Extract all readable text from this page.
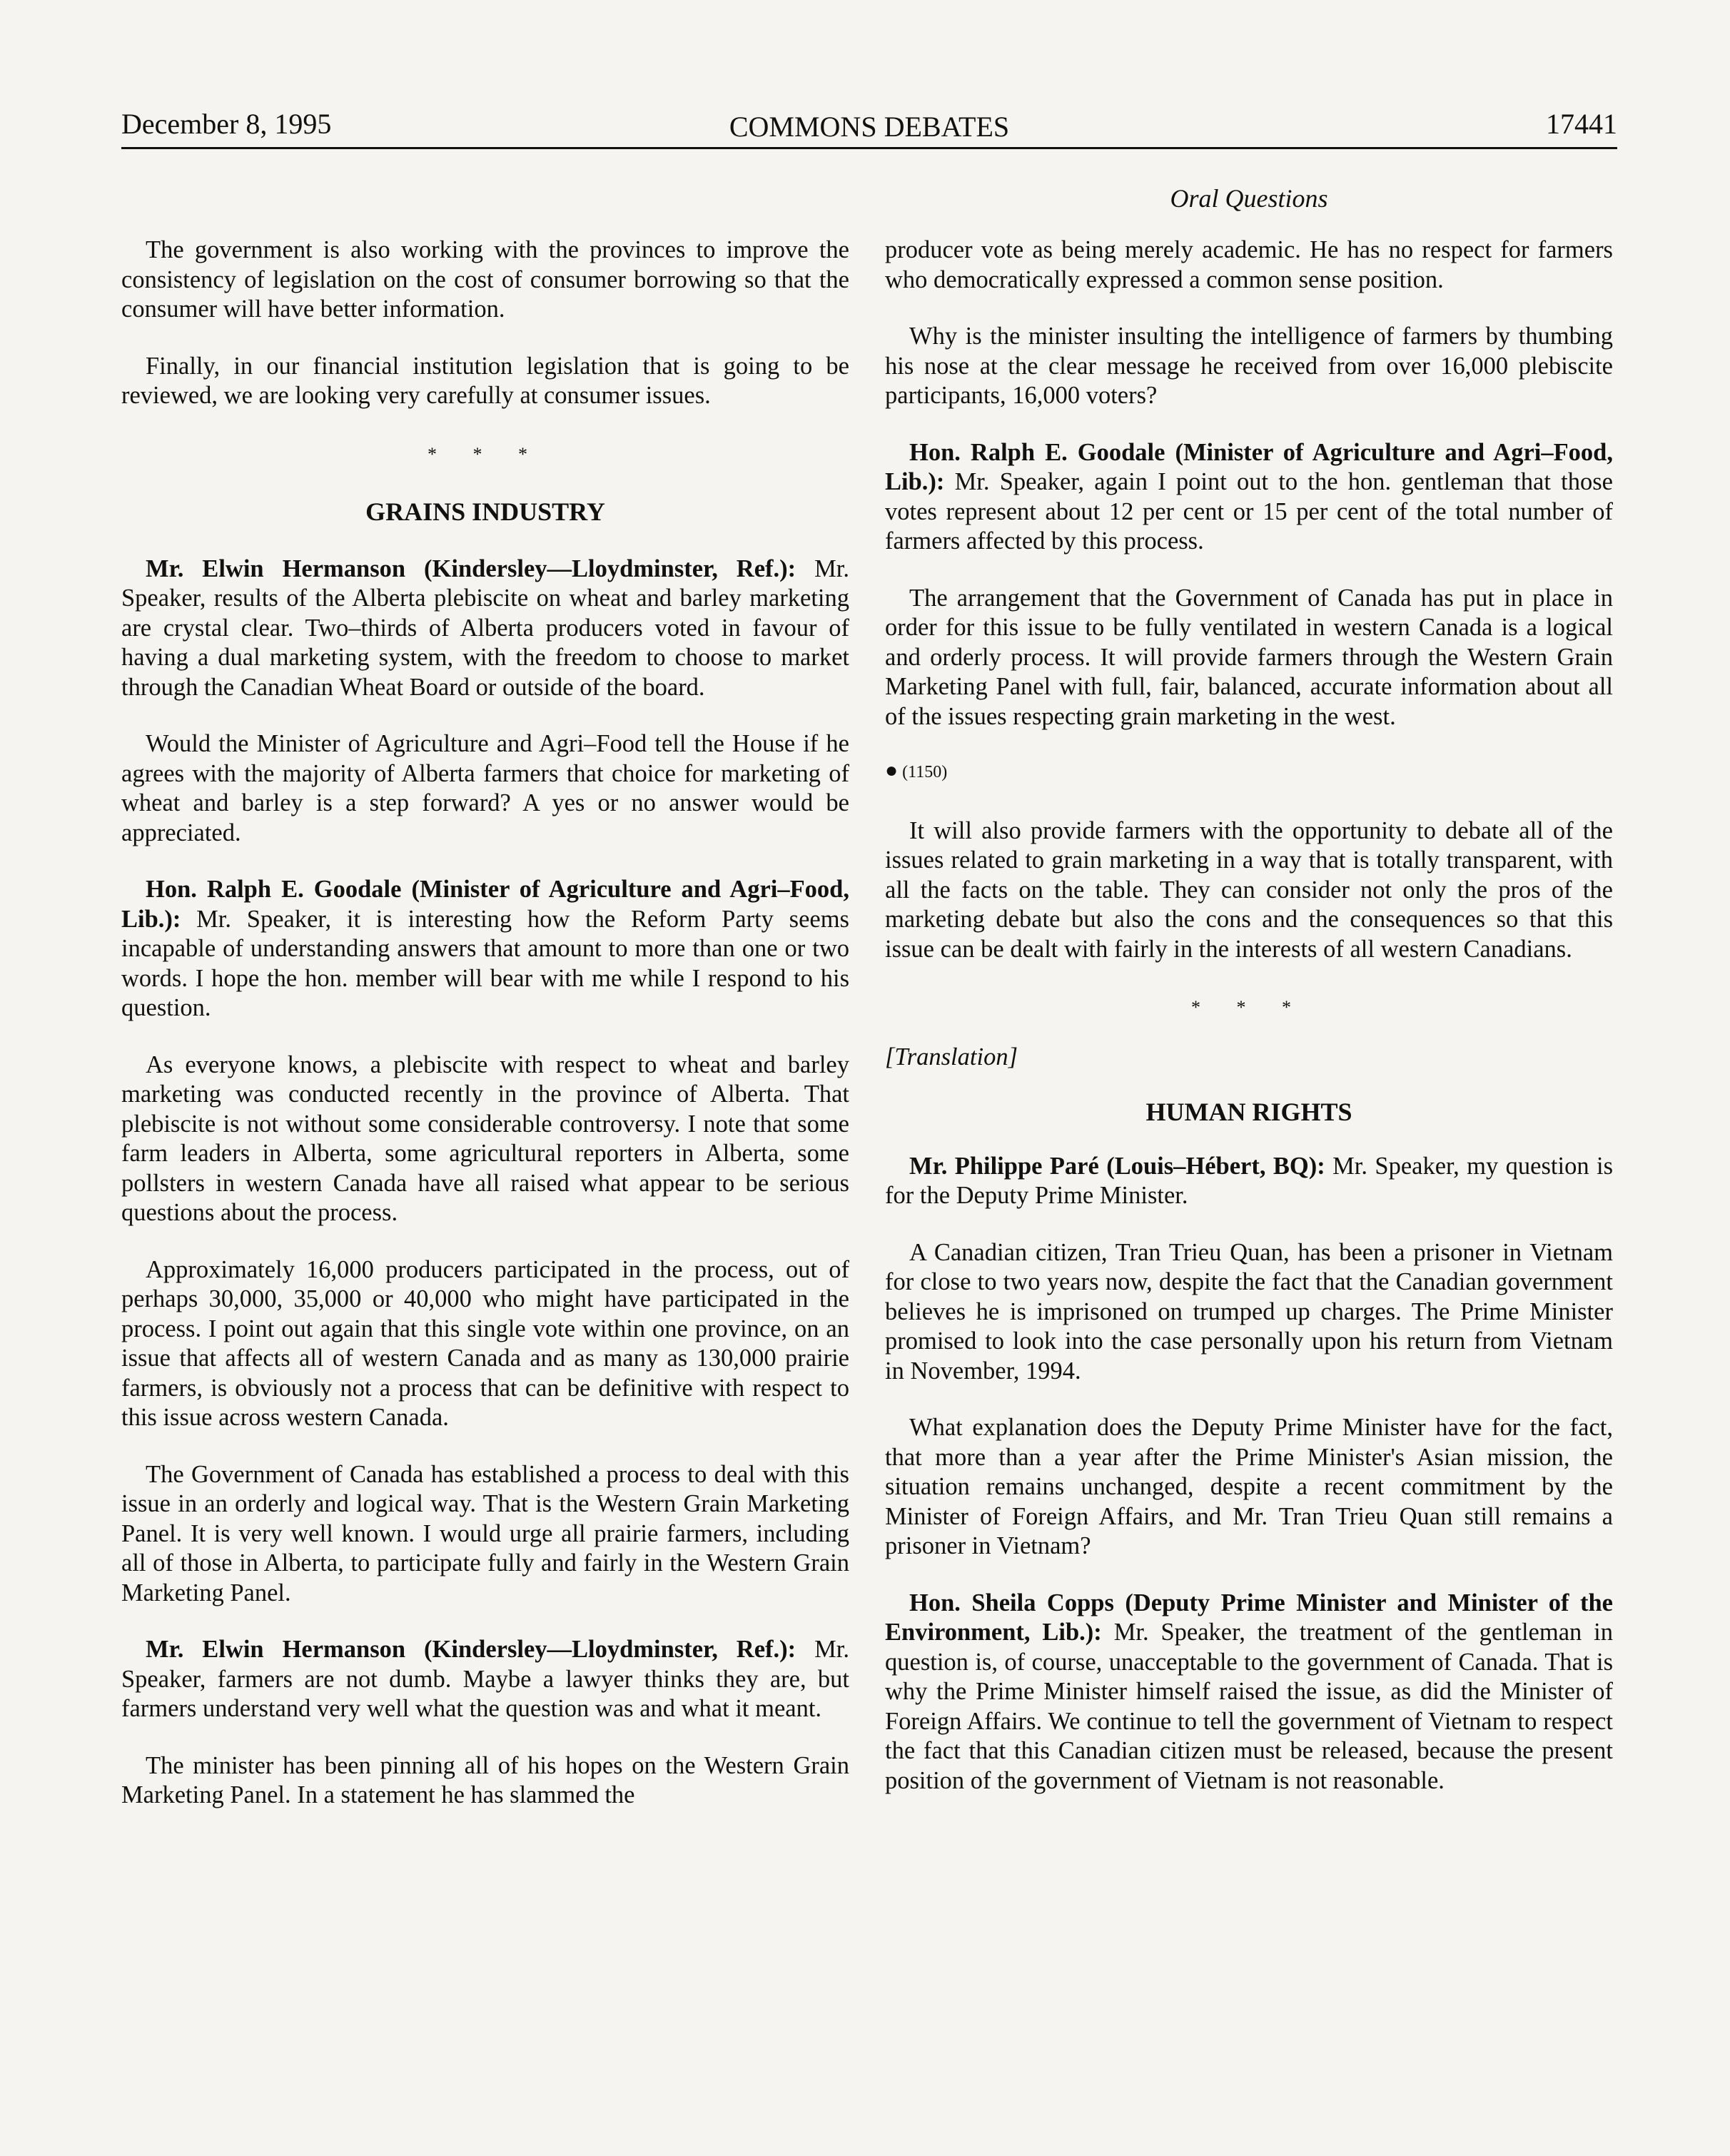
December 8, 1995	COMMONS DEBATES	17441

The government is also working with the provinces to improve the consistency of legislation on the cost of consumer borrowing so that the consumer will have better information.

Finally, in our financial institution legislation that is going to be reviewed, we are looking very carefully at consumer issues.

* * *

GRAINS INDUSTRY

Mr. Elwin Hermanson (Kindersley—Lloydminster, Ref.): Mr. Speaker, results of the Alberta plebiscite on wheat and barley marketing are crystal clear. Two–thirds of Alberta producers voted in favour of having a dual marketing system, with the freedom to choose to market through the Canadian Wheat Board or outside of the board.

Would the Minister of Agriculture and Agri–Food tell the House if he agrees with the majority of Alberta farmers that choice for marketing of wheat and barley is a step forward? A yes or no answer would be appreciated.

Hon. Ralph E. Goodale (Minister of Agriculture and Agri–Food, Lib.): Mr. Speaker, it is interesting how the Reform Party seems incapable of understanding answers that amount to more than one or two words. I hope the hon. member will bear with me while I respond to his question.

As everyone knows, a plebiscite with respect to wheat and barley marketing was conducted recently in the province of Alberta. That plebiscite is not without some considerable controversy. I note that some farm leaders in Alberta, some agricultural reporters in Alberta, some pollsters in western Canada have all raised what appear to be serious questions about the process.

Approximately 16,000 producers participated in the process, out of perhaps 30,000, 35,000 or 40,000 who might have participated in the process. I point out again that this single vote within one province, on an issue that affects all of western Canada and as many as 130,000 prairie farmers, is obviously not a process that can be definitive with respect to this issue across western Canada.

The Government of Canada has established a process to deal with this issue in an orderly and logical way. That is the Western Grain Marketing Panel. It is very well known. I would urge all prairie farmers, including all of those in Alberta, to participate fully and fairly in the Western Grain Marketing Panel.

Mr. Elwin Hermanson (Kindersley—Lloydminster, Ref.): Mr. Speaker, farmers are not dumb. Maybe a lawyer thinks they are, but farmers understand very well what the question was and what it meant.

The minister has been pinning all of his hopes on the Western Grain Marketing Panel. In a statement he has slammed the

Oral Questions

producer vote as being merely academic. He has no respect for farmers who democratically expressed a common sense position.

Why is the minister insulting the intelligence of farmers by thumbing his nose at the clear message he received from over 16,000 plebiscite participants, 16,000 voters?

Hon. Ralph E. Goodale (Minister of Agriculture and Agri–Food, Lib.): Mr. Speaker, again I point out to the hon. gentleman that those votes represent about 12 per cent or 15 per cent of the total number of farmers affected by this process.

The arrangement that the Government of Canada has put in place in order for this issue to be fully ventilated in western Canada is a logical and orderly process. It will provide farmers through the Western Grain Marketing Panel with full, fair, balanced, accurate information about all of the issues respecting grain marketing in the west.

● (1150)

It will also provide farmers with the opportunity to debate all of the issues related to grain marketing in a way that is totally transparent, with all the facts on the table. They can consider not only the pros of the marketing debate but also the cons and the consequences so that this issue can be dealt with fairly in the interests of all western Canadians.

* * *

[Translation]

HUMAN RIGHTS

Mr. Philippe Paré (Louis–Hébert, BQ): Mr. Speaker, my question is for the Deputy Prime Minister.

A Canadian citizen, Tran Trieu Quan, has been a prisoner in Vietnam for close to two years now, despite the fact that the Canadian government believes he is imprisoned on trumped up charges. The Prime Minister promised to look into the case personally upon his return from Vietnam in November, 1994.

What explanation does the Deputy Prime Minister have for the fact, that more than a year after the Prime Minister's Asian mission, the situation remains unchanged, despite a recent commitment by the Minister of Foreign Affairs, and Mr. Tran Trieu Quan still remains a prisoner in Vietnam?

Hon. Sheila Copps (Deputy Prime Minister and Minister of the Environment, Lib.): Mr. Speaker, the treatment of the gentleman in question is, of course, unacceptable to the government of Canada. That is why the Prime Minister himself raised the issue, as did the Minister of Foreign Affairs. We continue to tell the government of Vietnam to respect the fact that this Canadian citizen must be released, because the present position of the government of Vietnam is not reasonable.
